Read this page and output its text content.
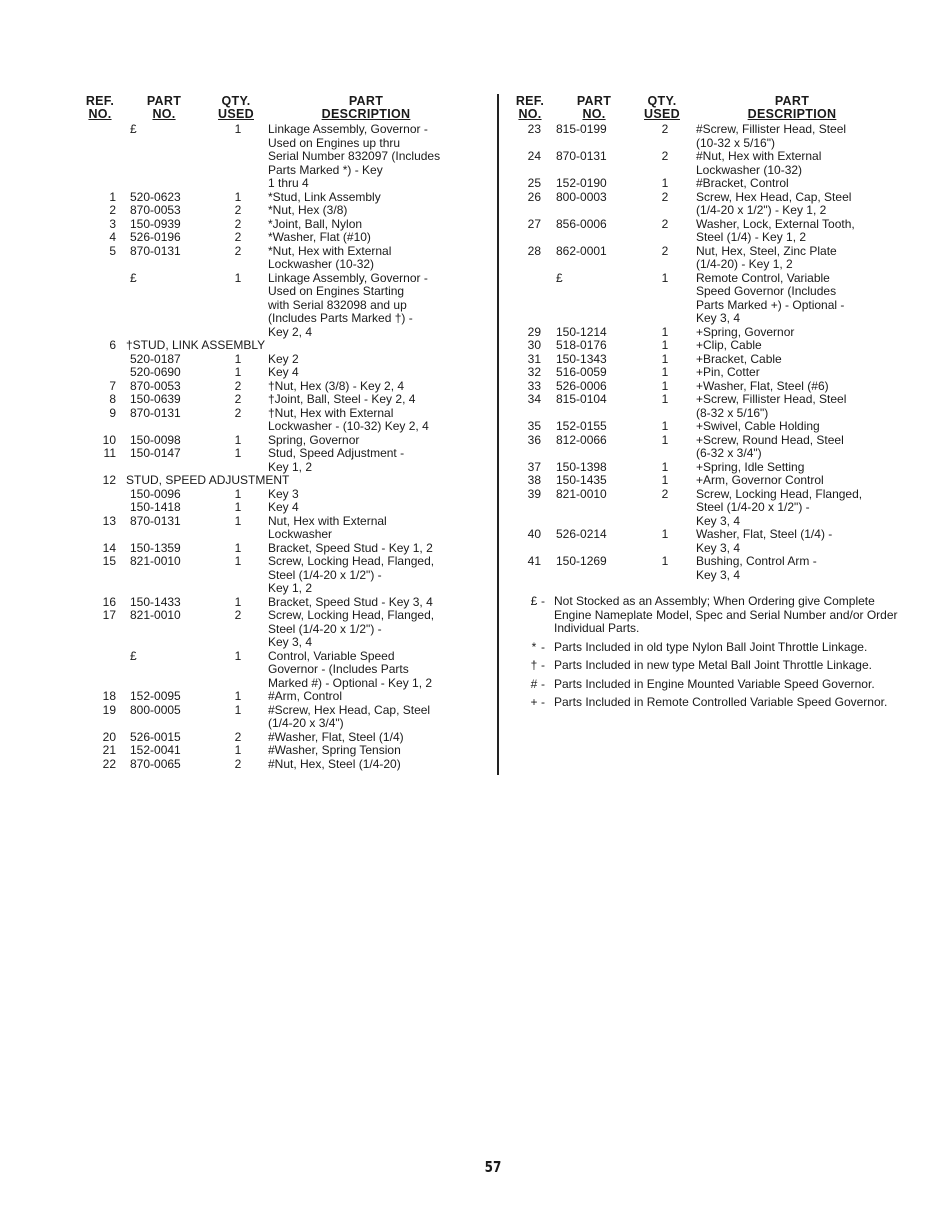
REF.
NO.
PART
NO.
QTY.
USED
PART
DESCRIPTION
£	1	Linkage Assembly, Governor -
Used on Engines up thru
Serial Number 832097 (Includes
Parts Marked *) - Key
1 thru 4
1 520-0623	1	*Stud, Link Assembly
2 870-0053	2	*Nut, Hex (3/8)
3 150-0939	2	*Joint, Ball, Nylon
4 526-0196	2	*Washer, Flat (#10)
5 870-0131	2	*Nut, Hex with External
Lockwasher (10-32)
£	1	Linkage Assembly, Governor -
Used on Engines Starting
with Serial 832098 and up
(Includes Parts Marked †) -
Key 2, 4
6 †STUD, LINK ASSEMBLY
520-0187	1	Key 2
520-0690	1	Key 4
7 870-0053	2	†Nut, Hex (3/8) - Key 2, 4
8 150-0639	2	†Joint, Ball, Steel - Key 2, 4
9 870-0131	2	†Nut, Hex with External
Lockwasher - (10-32) Key 2, 4
10 150-0098	1	Spring, Governor
11 150-0147	1	Stud, Speed Adjustment -
Key 1, 2
12 STUD, SPEED ADJUSTMENT
150-0096	1	Key 3
150-1418	1	Key 4
13 870-0131	1	Nut, Hex with External
Lockwasher
14 150-1359	1	Bracket, Speed Stud - Key 1, 2
15 821-0010	1	Screw, Locking Head, Flanged,
Steel (1/4-20 x 1/2") -
Key 1, 2
16 150-1433	1	Bracket, Speed Stud - Key 3, 4
17 821-0010	2	Screw, Locking Head, Flanged,
Steel (1/4-20 x 1/2") -
Key 3, 4
£	1	Control, Variable Speed
Governor - (Includes Parts
Marked #) - Optional - Key 1, 2
18 152-0095	1	#Arm, Control
19 800-0005	1	#Screw, Hex Head, Cap, Steel
(1/4-20 x 3/4")
20 526-0015	2	#Washer, Flat, Steel (1/4)
21 152-0041	1	#Washer, Spring Tension
22 870-0065	2	#Nut, Hex, Steel (1/4-20)
REF.
NO.
PART
NO.
QTY.
USED
PART
DESCRIPTION
23 815-0199	2	#Screw, Fillister Head, Steel
(10-32 x 5/16")
24 870-0131	2	#Nut, Hex with External
Lockwasher (10-32)
25 152-0190	1	#Bracket, Control
26 800-0003	2	Screw, Hex Head, Cap, Steel
(1/4-20 x 1/2") - Key 1, 2
27 856-0006	2	Washer, Lock, External Tooth,
Steel (1/4) - Key 1, 2
28 862-0001	2	Nut, Hex, Steel, Zinc Plate
(1/4-20) - Key 1, 2
£	1	Remote Control, Variable
Speed Governor (Includes
Parts Marked +) - Optional -
Key 3, 4
29 150-1214	1	+Spring, Governor
30 518-0176	1	+Clip, Cable
31 150-1343	1	+Bracket, Cable
32 516-0059	1	+Pin, Cotter
33 526-0006	1	+Washer, Flat, Steel (#6)
34 815-0104	1	+Screw, Fillister Head, Steel
(8-32 x 5/16")
35 152-0155	1	+Swivel, Cable Holding
36 812-0066	1	+Screw, Round Head, Steel
(6-32 x 3/4")
37 150-1398	1	+Spring, Idle Setting
38 150-1435	1	+Arm, Governor Control
39 821-0010	2	Screw, Locking Head, Flanged,
Steel (1/4-20 x 1/2") -
Key 3, 4
40 526-0214	1	Washer, Flat, Steel (1/4) -
Key 3, 4
41 150-1269	1	Bushing, Control Arm -
Key 3, 4
£ - Not Stocked as an Assembly; When Ordering give Complete Engine Nameplate Model, Spec and Serial Number and/or Order Individual Parts.
* - Parts Included in old type Nylon Ball Joint Throttle Linkage.
† - Parts Included in new type Metal Ball Joint Throttle Linkage.
# - Parts Included in Engine Mounted Variable Speed Governor.
+ - Parts Included in Remote Controlled Variable Speed Governor.
57
